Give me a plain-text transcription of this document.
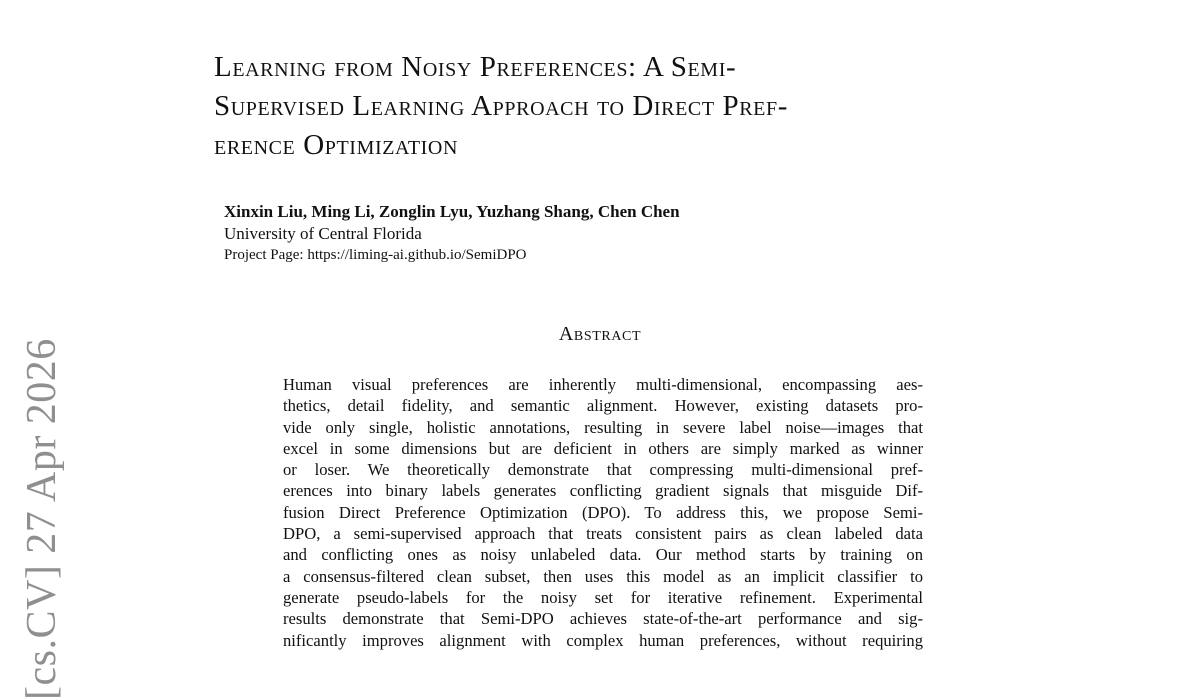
[cs.CV] 27 Apr 2026
Learning from Noisy Preferences: A Semi-
Supervised Learning Approach to Direct Pref-
erence Optimization
Xinxin Liu, Ming Li, Zonglin Lyu, Yuzhang Shang, Chen Chen
University of Central Florida
Project Page: https://liming-ai.github.io/SemiDPO
Abstract
Human visual preferences are inherently multi-dimensional, encompassing aes-
thetics, detail fidelity, and semantic alignment. However, existing datasets pro-
vide only single, holistic annotations, resulting in severe label noise—images that
excel in some dimensions but are deficient in others are simply marked as winner
or loser. We theoretically demonstrate that compressing multi-dimensional pref-
erences into binary labels generates conflicting gradient signals that misguide Dif-
fusion Direct Preference Optimization (DPO). To address this, we propose Semi-
DPO, a semi-supervised approach that treats consistent pairs as clean labeled data
and conflicting ones as noisy unlabeled data. Our method starts by training on
a consensus-filtered clean subset, then uses this model as an implicit classifier to
generate pseudo-labels for the noisy set for iterative refinement. Experimental
results demonstrate that Semi-DPO achieves state-of-the-art performance and sig-
nificantly improves alignment with complex human preferences, without requiring
